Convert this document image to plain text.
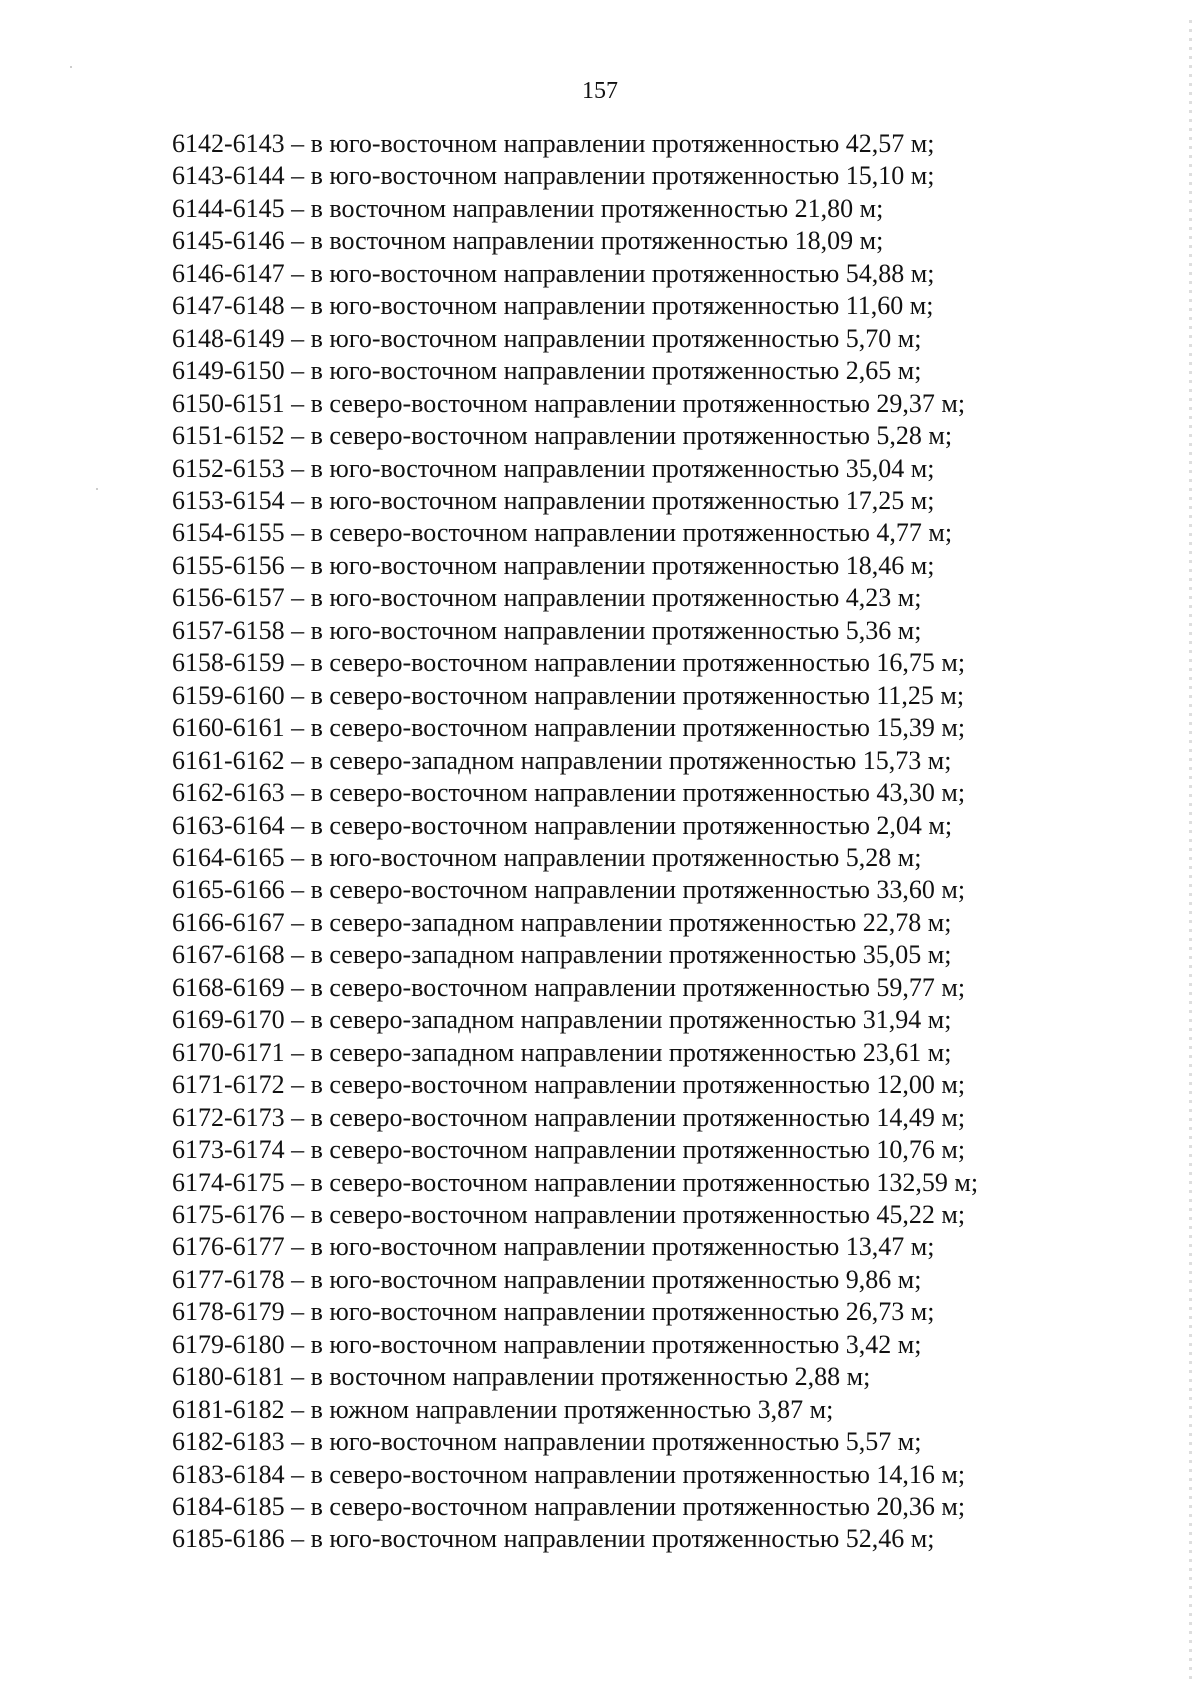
157
6142-6143 – в юго-восточном направлении протяженностью 42,57 м;
6143-6144 – в юго-восточном направлении протяженностью 15,10 м;
6144-6145 – в восточном направлении протяженностью 21,80 м;
6145-6146 – в восточном направлении протяженностью 18,09 м;
6146-6147 – в юго-восточном направлении протяженностью 54,88 м;
6147-6148 – в юго-восточном направлении протяженностью 11,60 м;
6148-6149 – в юго-восточном направлении протяженностью 5,70 м;
6149-6150 – в юго-восточном направлении протяженностью 2,65 м;
6150-6151 – в северо-восточном направлении протяженностью 29,37 м;
6151-6152 – в северо-восточном направлении протяженностью 5,28 м;
6152-6153 – в юго-восточном направлении протяженностью 35,04 м;
6153-6154 – в юго-восточном направлении протяженностью 17,25 м;
6154-6155 – в северо-восточном направлении протяженностью 4,77 м;
6155-6156 – в юго-восточном направлении протяженностью 18,46 м;
6156-6157 – в юго-восточном направлении протяженностью 4,23 м;
6157-6158 – в юго-восточном направлении протяженностью 5,36 м;
6158-6159 – в северо-восточном направлении протяженностью 16,75 м;
6159-6160 – в северо-восточном направлении протяженностью 11,25 м;
6160-6161 – в северо-восточном направлении протяженностью 15,39 м;
6161-6162 – в северо-западном направлении протяженностью 15,73 м;
6162-6163 – в северо-восточном направлении протяженностью 43,30 м;
6163-6164 – в северо-восточном направлении протяженностью 2,04 м;
6164-6165 – в юго-восточном направлении протяженностью 5,28 м;
6165-6166 – в северо-восточном направлении протяженностью 33,60 м;
6166-6167 – в северо-западном направлении протяженностью 22,78 м;
6167-6168 – в северо-западном направлении протяженностью 35,05 м;
6168-6169 – в северо-восточном направлении протяженностью 59,77 м;
6169-6170 – в северо-западном направлении протяженностью 31,94 м;
6170-6171 – в северо-западном направлении протяженностью 23,61 м;
6171-6172 – в северо-восточном направлении протяженностью 12,00 м;
6172-6173 – в северо-восточном направлении протяженностью 14,49 м;
6173-6174 – в северо-восточном направлении протяженностью 10,76 м;
6174-6175 – в северо-восточном направлении протяженностью 132,59 м;
6175-6176 – в северо-восточном направлении протяженностью 45,22 м;
6176-6177 – в юго-восточном направлении протяженностью 13,47 м;
6177-6178 – в юго-восточном направлении протяженностью 9,86 м;
6178-6179 – в юго-восточном направлении протяженностью 26,73 м;
6179-6180 – в юго-восточном направлении протяженностью 3,42 м;
6180-6181 – в восточном направлении протяженностью 2,88 м;
6181-6182 – в южном направлении протяженностью 3,87 м;
6182-6183 – в юго-восточном направлении протяженностью 5,57 м;
6183-6184 – в северо-восточном направлении протяженностью 14,16 м;
6184-6185 – в северо-восточном направлении протяженностью 20,36 м;
6185-6186 – в юго-восточном направлении протяженностью 52,46 м;
